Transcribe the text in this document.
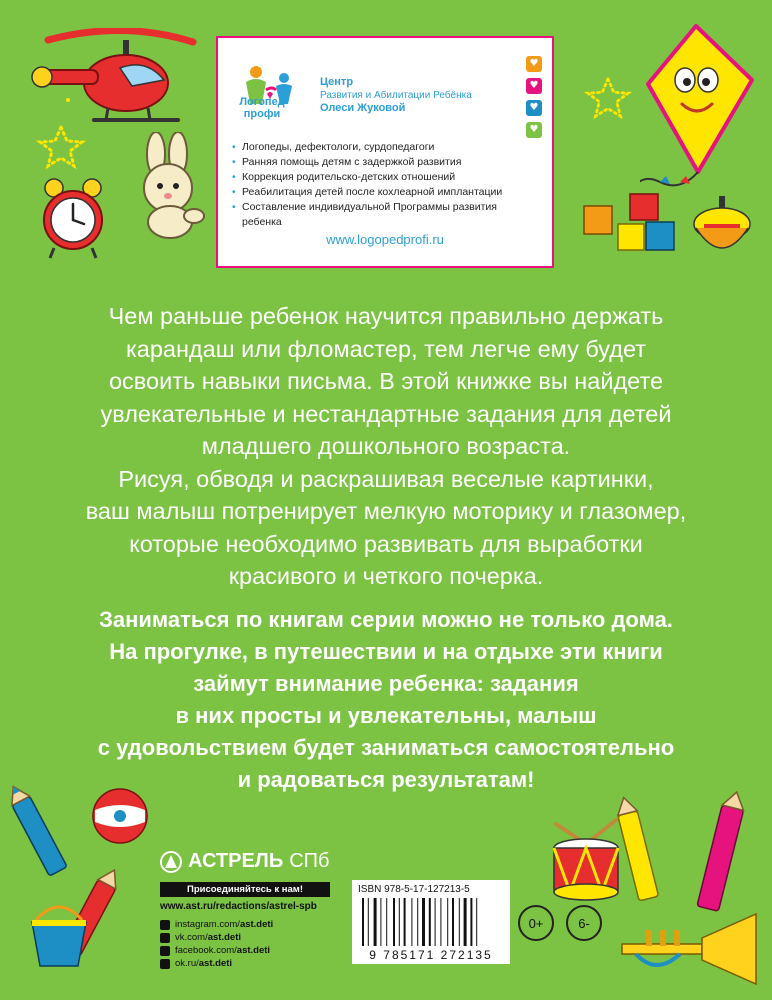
Логопед
профи
Центр
Развития и Абилитации Ребёнка
Олеси Жуковой
♥
♥
♥
♥
• Логопеды, дефектологи, сурдопедагоги
• Ранняя помощь детям с задержкой развития
• Коррекция родительско-детских отношений
• Реабилитация детей после кохлеарной имплантации
• Составление индивидуальной Программы развития ребенка
www.logopedprofi.ru
Чем раньше ребенок научится правильно держать
карандаш или фломастер, тем легче ему будет
освоить навыки письма. В этой книжке вы найдете
увлекательные и нестандартные задания для детей
младшего дошкольного возраста.
Рисуя, обводя и раскрашивая веселые картинки,
ваш малыш потренирует мелкую моторику и глазомер,
которые необходимо развивать для выработки
красивого и четкого почерка.
Заниматься по книгам серии можно не только дома.
На прогулке, в путешествии и на отдыхе эти книги
займут внимание ребенка: задания
в них просты и увлекательны, малыш
с удовольствием будет заниматься самостоятельно
и радоваться результатам!
АСТРЕЛЬ СПб
Присоединяйтесь к нам!
www.ast.ru/redactions/astrel-spb
instagram.com/ast.deti
vk.com/ast.deti
facebook.com/ast.deti
ok.ru/ast.deti
ISBN 978-5-17-127213-5
9 785171 272135
0+	6-
